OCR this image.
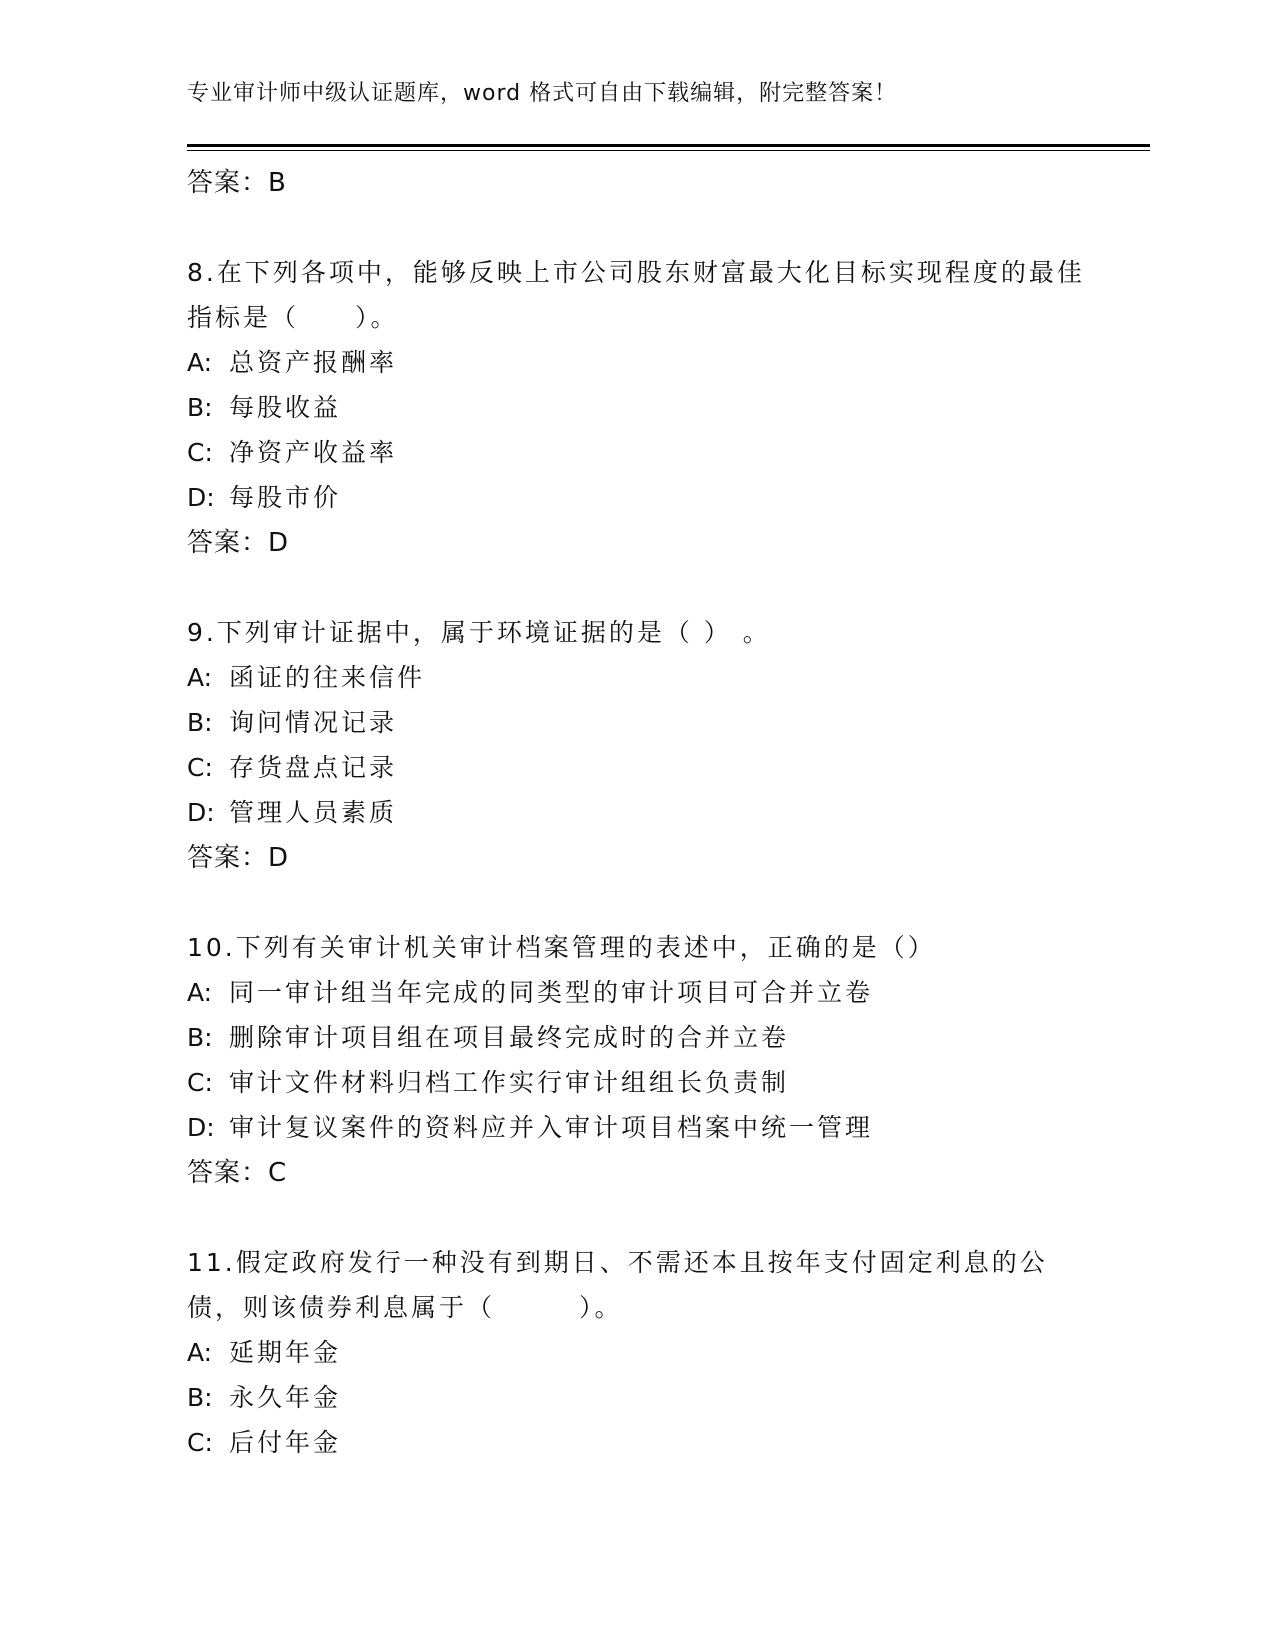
专业审计师中级认证题库，word 格式可自由下载编辑，附完整答案！
答案：B
8.在下列各项中，能够反映上市公司股东财富最大化目标实现程度的最佳指标是（　　）。
A: 总资产报酬率
B: 每股收益
C: 净资产收益率
D: 每股市价
答案：D
9.下列审计证据中，属于环境证据的是（ ） 。
A: 函证的往来信件
B: 询问情况记录
C: 存货盘点记录
D: 管理人员素质
答案：D
10.下列有关审计机关审计档案管理的表述中，正确的是（）
A: 同一审计组当年完成的同类型的审计项目可合并立卷
B: 删除审计项目组在项目最终完成时的合并立卷
C: 审计文件材料归档工作实行审计组组长负责制
D: 审计复议案件的资料应并入审计项目档案中统一管理
答案：C
11.假定政府发行一种没有到期日、不需还本且按年支付固定利息的公债，则该债券利息属于（　　　）。
A: 延期年金
B: 永久年金
C: 后付年金
